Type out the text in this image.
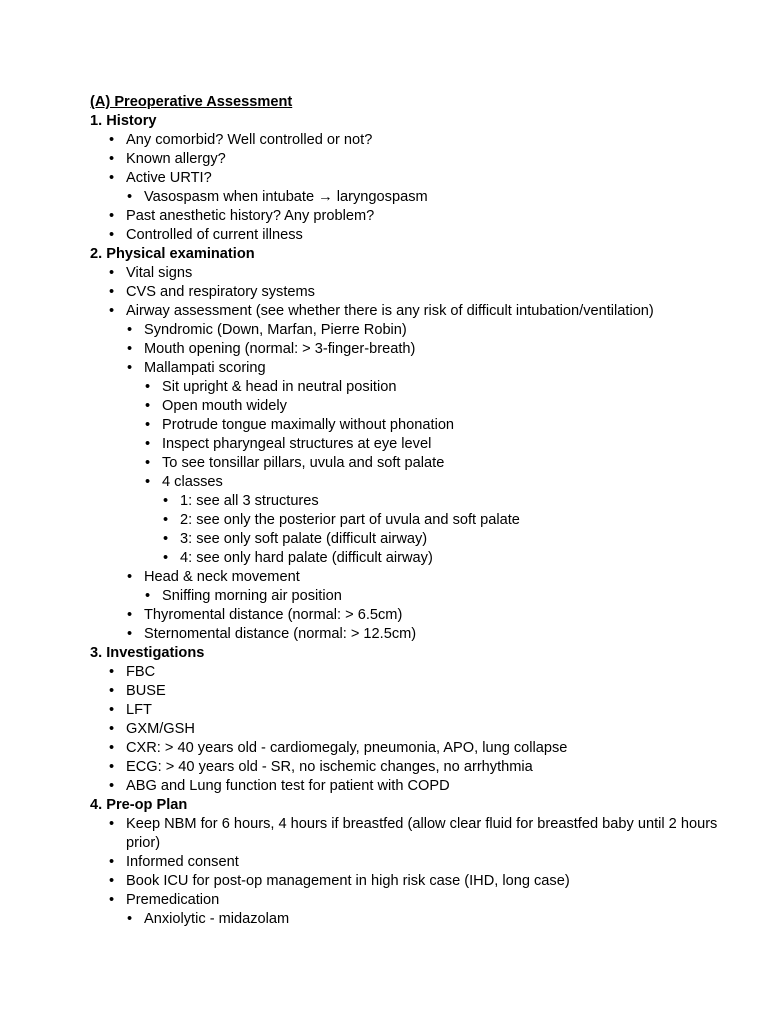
(A) Preoperative Assessment
1. History
• Any comorbid? Well controlled or not?
• Known allergy?
• Active URTI?
• Vasospasm when intubate → laryngospasm
• Past anesthetic history? Any problem?
• Controlled of current illness
2. Physical examination
• Vital signs
• CVS and respiratory systems
• Airway assessment (see whether there is any risk of difficult intubation/ventilation)
• Syndromic (Down, Marfan, Pierre Robin)
• Mouth opening (normal: > 3-finger-breath)
• Mallampati scoring
• Sit upright & head in neutral position
• Open mouth widely
• Protrude tongue maximally without phonation
• Inspect pharyngeal structures at eye level
• To see tonsillar pillars, uvula and soft palate
• 4 classes
• 1: see all 3 structures
• 2: see only the posterior part of uvula and soft palate
• 3: see only soft palate (difficult airway)
• 4: see only hard palate (difficult airway)
• Head & neck movement
• Sniffing morning air position
• Thyromental distance (normal: > 6.5cm)
• Sternomental distance (normal: > 12.5cm)
3. Investigations
• FBC
• BUSE
• LFT
• GXM/GSH
• CXR: > 40 years old - cardiomegaly, pneumonia, APO, lung collapse
• ECG: > 40 years old - SR, no ischemic changes, no arrhythmia
• ABG and Lung function test for patient with COPD
4. Pre-op Plan
• Keep NBM for 6 hours, 4 hours if breastfed (allow clear fluid for breastfed baby until 2 hours prior)
• Informed consent
• Book ICU for post-op management in high risk case (IHD, long case)
• Premedication
• Anxiolytic - midazolam
